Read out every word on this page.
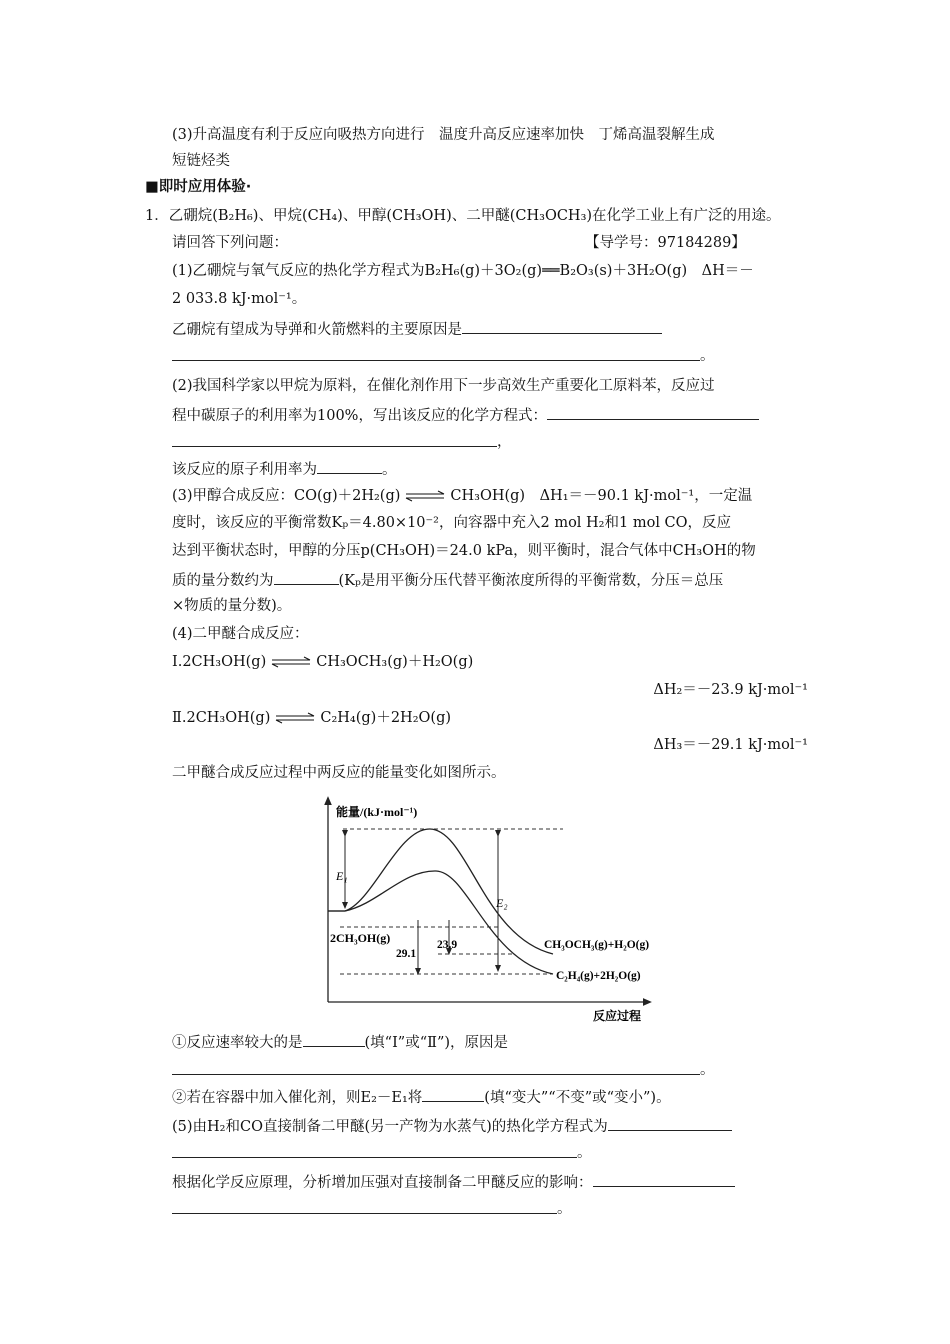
(3)升高温度有利于反应向吸热方向进行　温度升高反应速率加快　丁烯高温裂解生成
短链烃类
■即时应用体验·
1．乙硼烷(B₂H₆)、甲烷(CH₄)、甲醇(CH₃OH)、二甲醚(CH₃OCH₃)在化学工业上有广泛的用途。
请回答下列问题：	【导学号：97184289】
(1)乙硼烷与氧气反应的热化学方程式为B₂H₆(g)＋3O₂(g)══B₂O₃(s)＋3H₂O(g)　ΔH＝－
2 033.8 kJ·mol⁻¹。
乙硼烷有望成为导弹和火箭燃料的主要原因是
。
(2)我国科学家以甲烷为原料，在催化剂作用下一步高效生产重要化工原料苯，反应过
程中碳原子的利用率为100%，写出该反应的化学方程式：
，
该反应的原子利用率为	。
(3)甲醇合成反应：CO(g)＋2H₂(g) ⇌ CH₃OH(g)　ΔH₁＝－90.1 kJ·mol⁻¹，一定温
度时，该反应的平衡常数Kₚ＝4.80×10⁻²，向容器中充入2 mol H₂和1 mol CO，反应
达到平衡状态时，甲醇的分压p(CH₃OH)＝24.0 kPa，则平衡时，混合气体中CH₃OH的物
质的量分数约为	(Kₚ是用平衡分压代替平衡浓度所得的平衡常数，分压＝总压
×物质的量分数)。
(4)二甲醚合成反应：
Ⅰ.2CH₃OH(g) ⇌ CH₃OCH₃(g)＋H₂O(g)
ΔH₂＝－23.9 kJ·mol⁻¹
Ⅱ.2CH₃OH(g) ⇌ C₂H₄(g)＋2H₂O(g)
ΔH₃＝－29.1 kJ·mol⁻¹
二甲醚合成反应过程中两反应的能量变化如图所示。
能量/(kJ·mol⁻¹)
反应过程
E₁
E₂
23.9
29.1
2CH₃OH(g)	CH₃OCH₃(g)+H₂O(g)
C₂H₄(g)+2H₂O(g)
①反应速率较大的是	(填“Ⅰ”或“Ⅱ”)，原因是
。
②若在容器中加入催化剂，则E₂－E₁将	(填“变大”“不变”或“变小”)。
(5)由H₂和CO直接制备二甲醚(另一产物为水蒸气)的热化学方程式为
。
根据化学反应原理，分析增加压强对直接制备二甲醚反应的影响：
。
